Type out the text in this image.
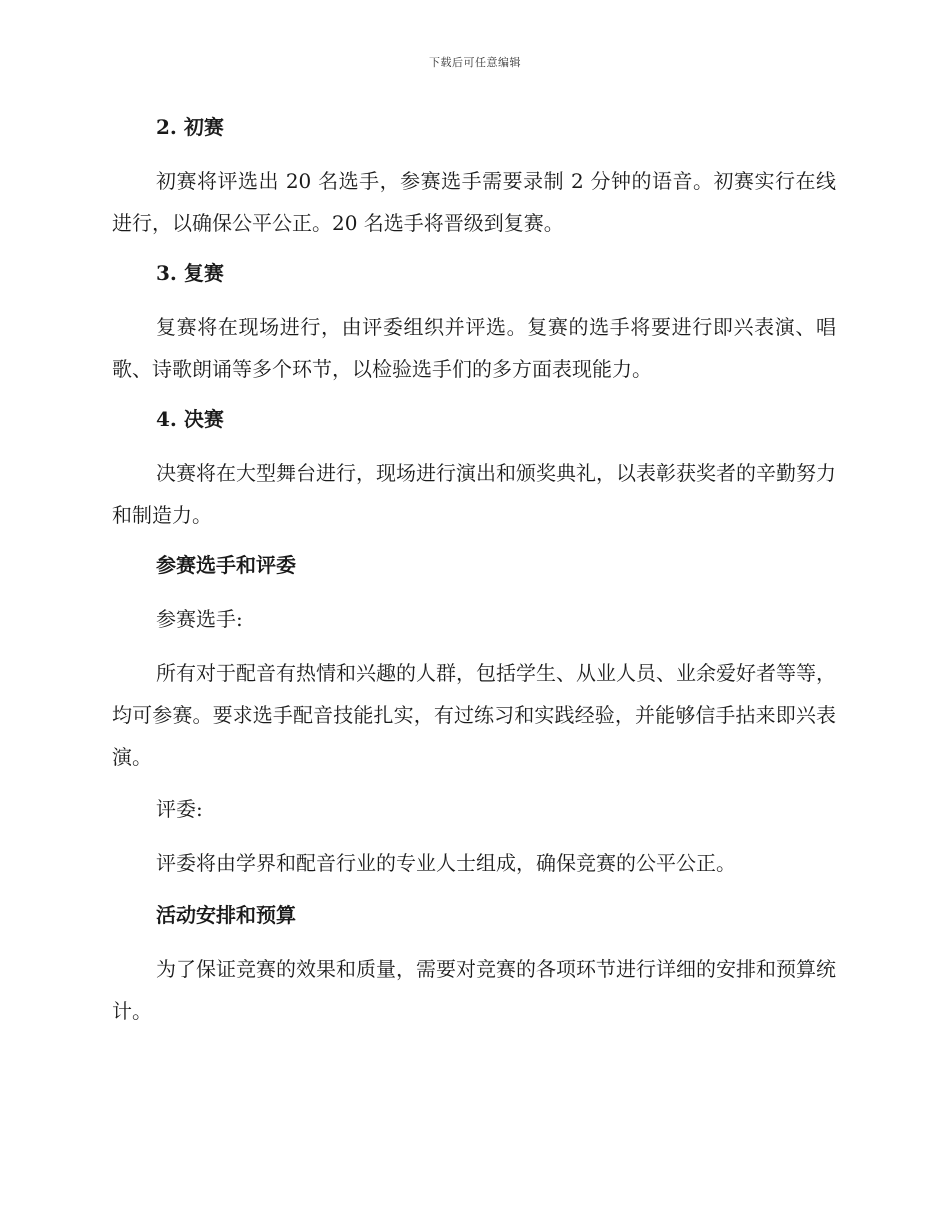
下载后可任意编辑
2. 初赛

初赛将评选出 20 名选手，参赛选手需要录制 2 分钟的语音。初赛实行在线进行，以确保公平公正。20 名选手将晋级到复赛。

3. 复赛

复赛将在现场进行，由评委组织并评选。复赛的选手将要进行即兴表演、唱歌、诗歌朗诵等多个环节，以检验选手们的多方面表现能力。

4. 决赛

决赛将在大型舞台进行，现场进行演出和颁奖典礼，以表彰获奖者的辛勤努力和制造力。

参赛选手和评委

参赛选手:

所有对于配音有热情和兴趣的人群，包括学生、从业人员、业余爱好者等等，均可参赛。要求选手配音技能扎实，有过练习和实践经验，并能够信手拈来即兴表演。

评委:

评委将由学界和配音行业的专业人士组成，确保竞赛的公平公正。

活动安排和预算

为了保证竞赛的效果和质量，需要对竞赛的各项环节进行详细的安排和预算统计。
